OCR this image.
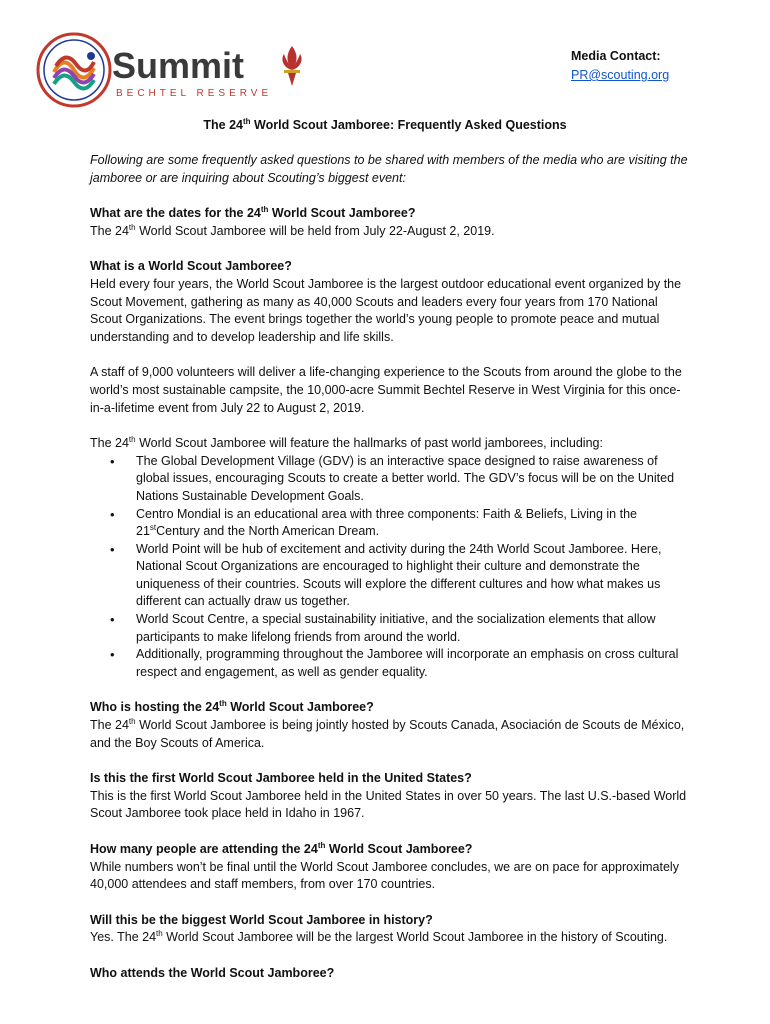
Summit
BECHTEL RESERVE
Media Contact:
PR@scouting.org
The 24th World Scout Jamboree: Frequently Asked Questions

Following are some frequently asked questions to be shared with members of the media who are visiting the jamboree or are inquiring about Scouting’s biggest event:

What are the dates for the 24th World Scout Jamboree?

The 24th World Scout Jamboree will be held from July 22-August 2, 2019.

What is a World Scout Jamboree?

Held every four years, the World Scout Jamboree is the largest outdoor educational event organized by the Scout Movement, gathering as many as 40,000 Scouts and leaders every four years from 170 National Scout Organizations. The event brings together the world’s young people to promote peace and mutual understanding and to develop leadership and life skills.

A staff of 9,000 volunteers will deliver a life-changing experience to the Scouts from around the globe to the world’s most sustainable campsite, the 10,000-acre Summit Bechtel Reserve in West Virginia for this once-in-a-lifetime event from July 22 to August 2, 2019.

The 24th World Scout Jamboree will feature the hallmarks of past world jamborees, including:

• The Global Development Village (GDV) is an interactive space designed to raise awareness of global issues, encouraging Scouts to create a better world. The GDV’s focus will be on the United Nations Sustainable Development Goals.
• Centro Mondial is an educational area with three components: Faith & Beliefs, Living in the 21stCentury and the North American Dream.
• World Point will be hub of excitement and activity during the 24th World Scout Jamboree. Here, National Scout Organizations are encouraged to highlight their culture and demonstrate the uniqueness of their countries. Scouts will explore the different cultures and how what makes us different can actually draw us together.
• World Scout Centre, a special sustainability initiative, and the socialization elements that allow participants to make lifelong friends from around the world.
• Additionally, programming throughout the Jamboree will incorporate an emphasis on cross cultural respect and engagement, as well as gender equality.

Who is hosting the 24th World Scout Jamboree?

The 24th World Scout Jamboree is being jointly hosted by Scouts Canada, Asociación de Scouts de México, and the Boy Scouts of America.

Is this the first World Scout Jamboree held in the United States?

This is the first World Scout Jamboree held in the United States in over 50 years. The last U.S.-based World Scout Jamboree took place held in Idaho in 1967.

How many people are attending the 24th World Scout Jamboree?

While numbers won’t be final until the World Scout Jamboree concludes, we are on pace for approximately 40,000 attendees and staff members, from over 170 countries.

Will this be the biggest World Scout Jamboree in history?

Yes. The 24th World Scout Jamboree will be the largest World Scout Jamboree in the history of Scouting.

Who attends the World Scout Jamboree?
